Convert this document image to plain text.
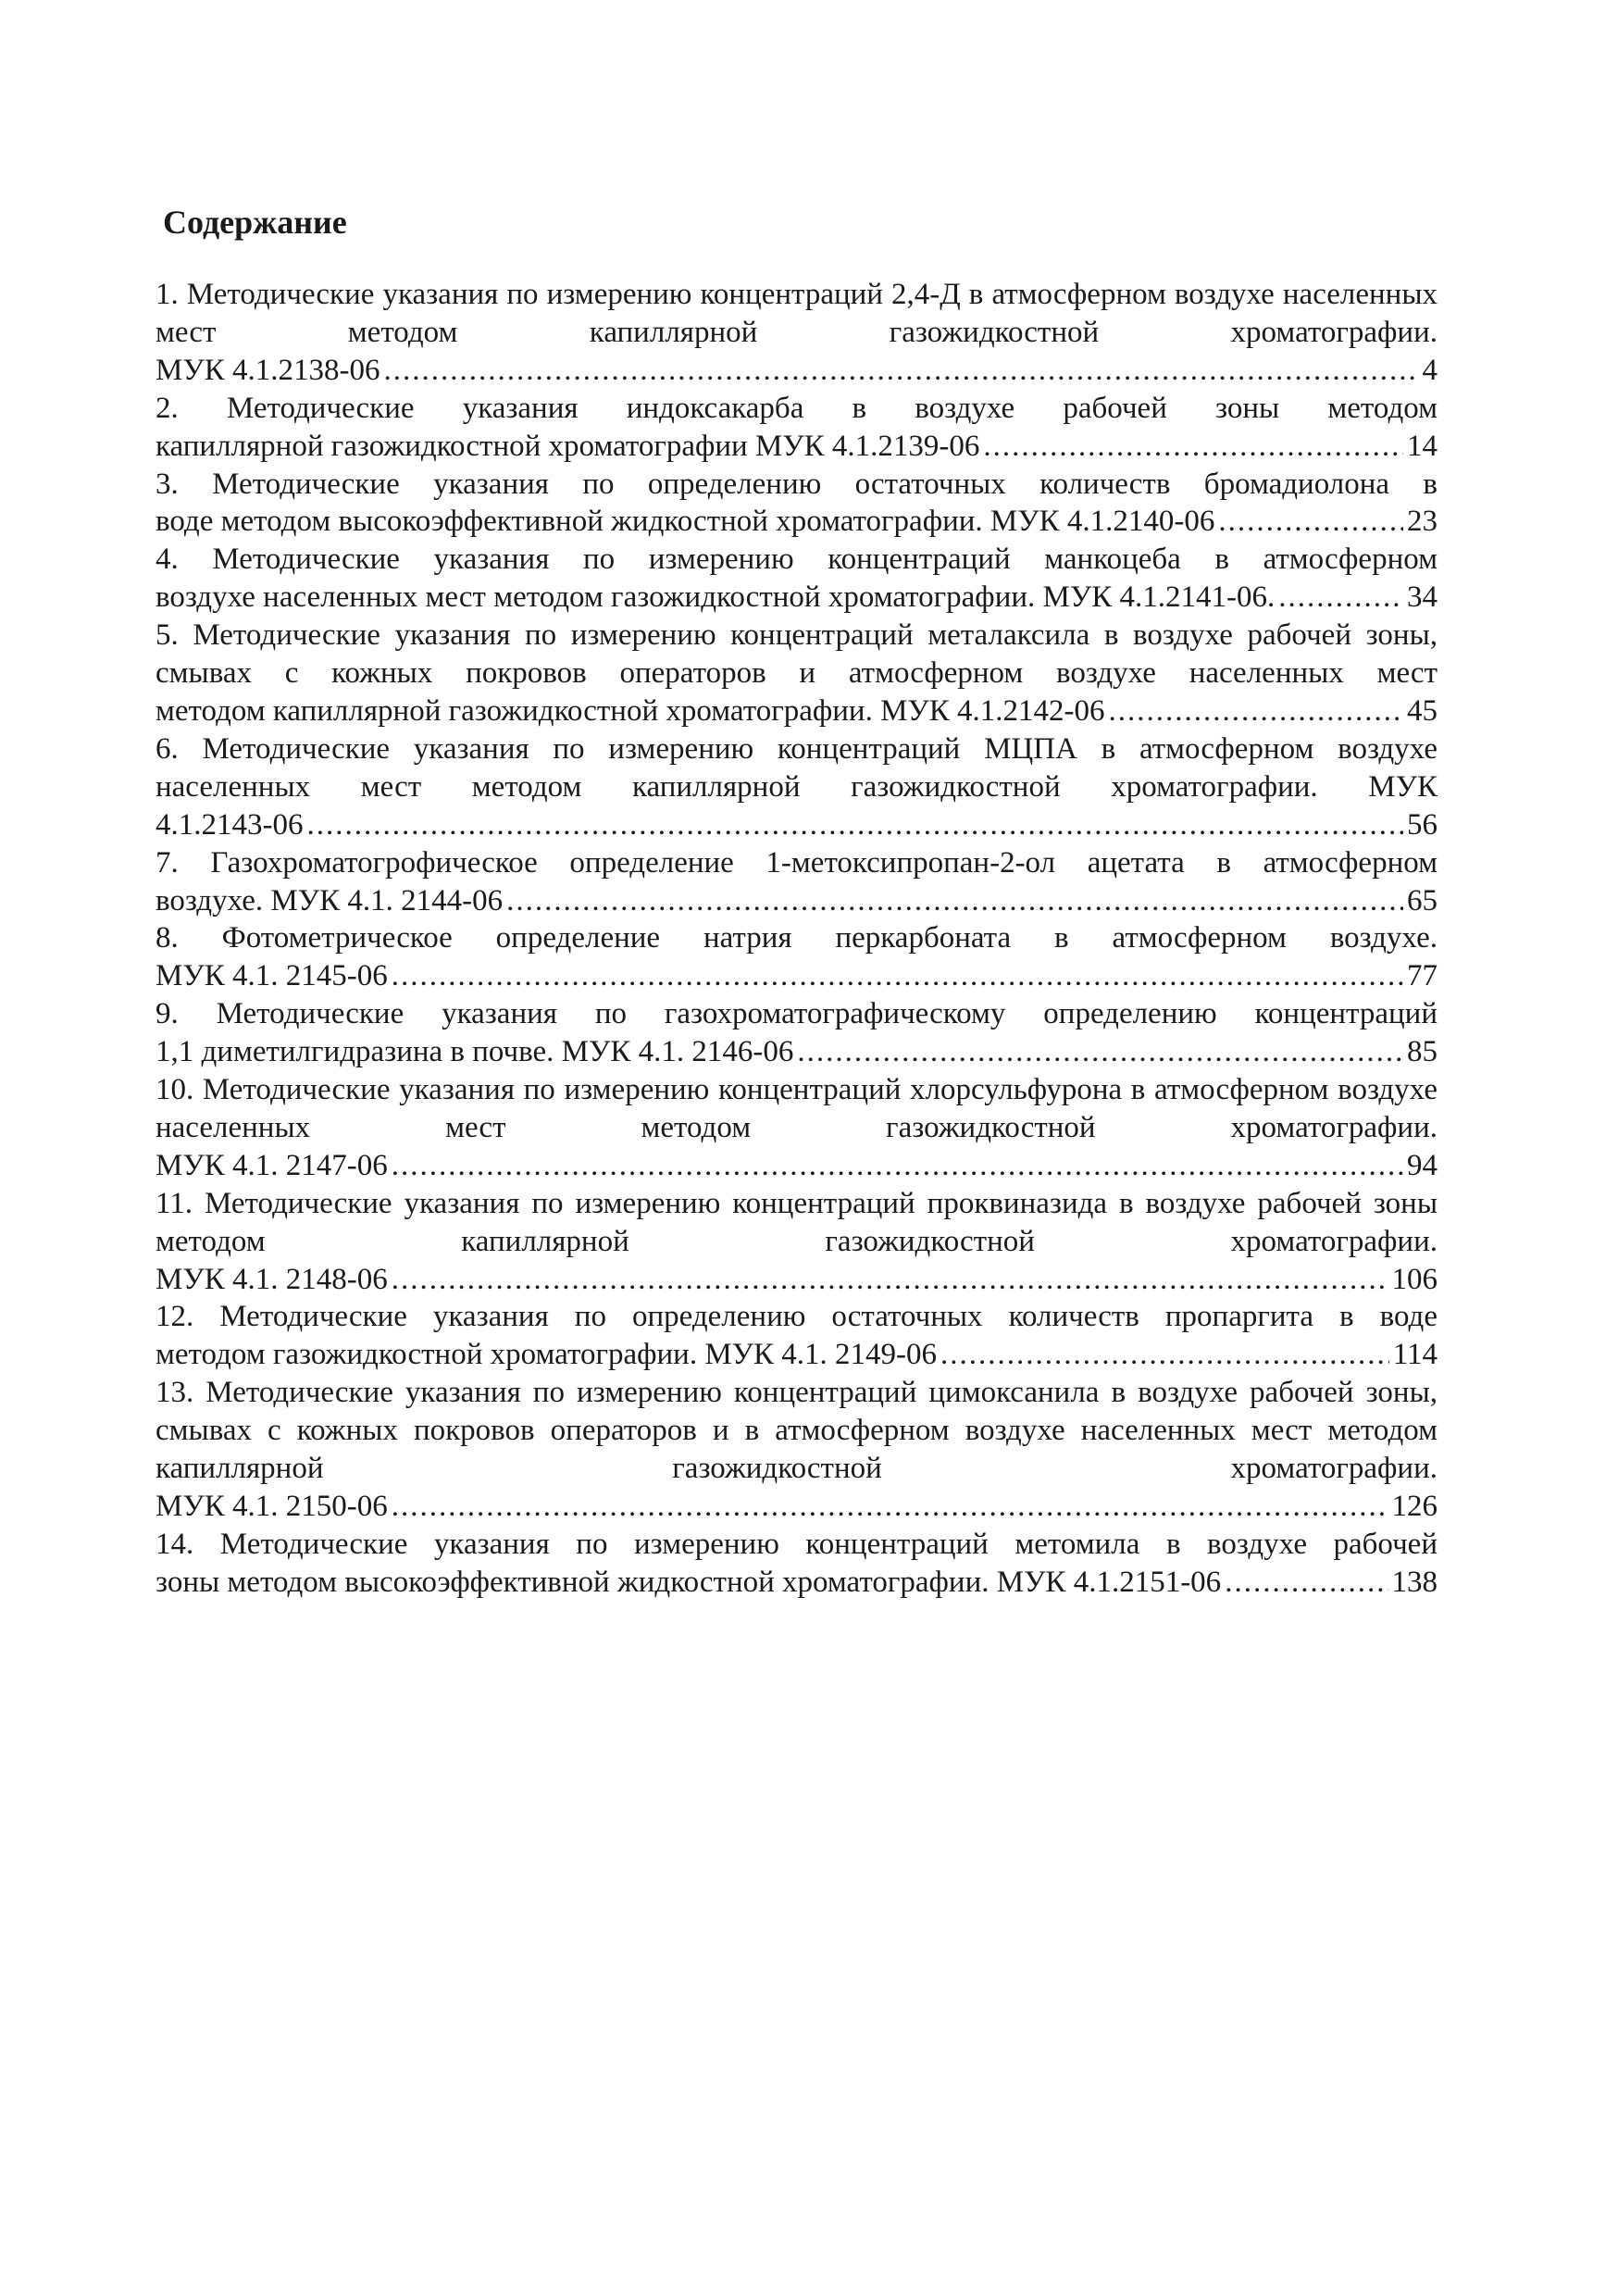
Содержание
1. Методические указания по измерению концентраций 2,4-Д в атмосферном воздухе населенных мест методом капиллярной газожидкостной хроматографии.
МУК 4.1.2138-06 .....	4
2. Методические указания индоксакарба в воздухе рабочей зоны методом
капиллярной газожидкостной хроматографии МУК 4.1.2139-06 .....	14
3. Методические указания по определению остаточных количеств бромадиолона в
воде методом высокоэффективной жидкостной хроматографии. МУК 4.1.2140-06 .....	23
4. Методические указания по измерению концентраций манкоцеба в атмосферном
воздухе населенных мест методом газожидкостной хроматографии. МУК 4.1.2141-06. .....	34
5. Методические указания по измерению концентраций металаксила в воздухе рабочей зоны, смывах с кожных покровов операторов и атмосферном воздухе населенных мест
методом капиллярной газожидкостной хроматографии. МУК 4.1.2142-06 .....	45
6. Методические указания по измерению концентраций МЦПА в атмосферном воздухе населенных мест методом капиллярной газожидкостной хроматографии. МУК
4.1.2143-06 .....	56
7. Газохроматогрофическое определение 1-метоксипропан-2-ол ацетата в атмосферном
воздухе. МУК 4.1. 2144-06 .....	65
8. Фотометрическое определение натрия перкарбоната в атмосферном воздухе.
МУК 4.1. 2145-06 .....	77
9. Методические указания по газохроматографическому определению концентраций
1,1 диметилгидразина в почве. МУК 4.1. 2146-06 .....	85
10. Методические указания по измерению концентраций хлорсульфурона в атмосферном воздухе населенных мест методом газожидкостной хроматографии.
МУК 4.1. 2147-06 .....	94
11. Методические указания по измерению концентраций проквиназида в воздухе рабочей зоны методом капиллярной газожидкостной хроматографии.
МУК 4.1. 2148-06 .....	106
12. Методические указания по определению остаточных количеств пропаргита в воде
методом газожидкостной хроматографии. МУК 4.1. 2149-06 .....	114
13. Методические указания по измерению концентраций цимоксанила в воздухе рабочей зоны, смывах с кожных покровов операторов и в атмосферном воздухе населенных мест методом капиллярной газожидкостной хроматографии.
МУК 4.1. 2150-06 .....	126
14. Методические указания по измерению концентраций метомила в воздухе рабочей
зоны методом высокоэффективной жидкостной хроматографии. МУК 4.1.2151-06 .....	138
